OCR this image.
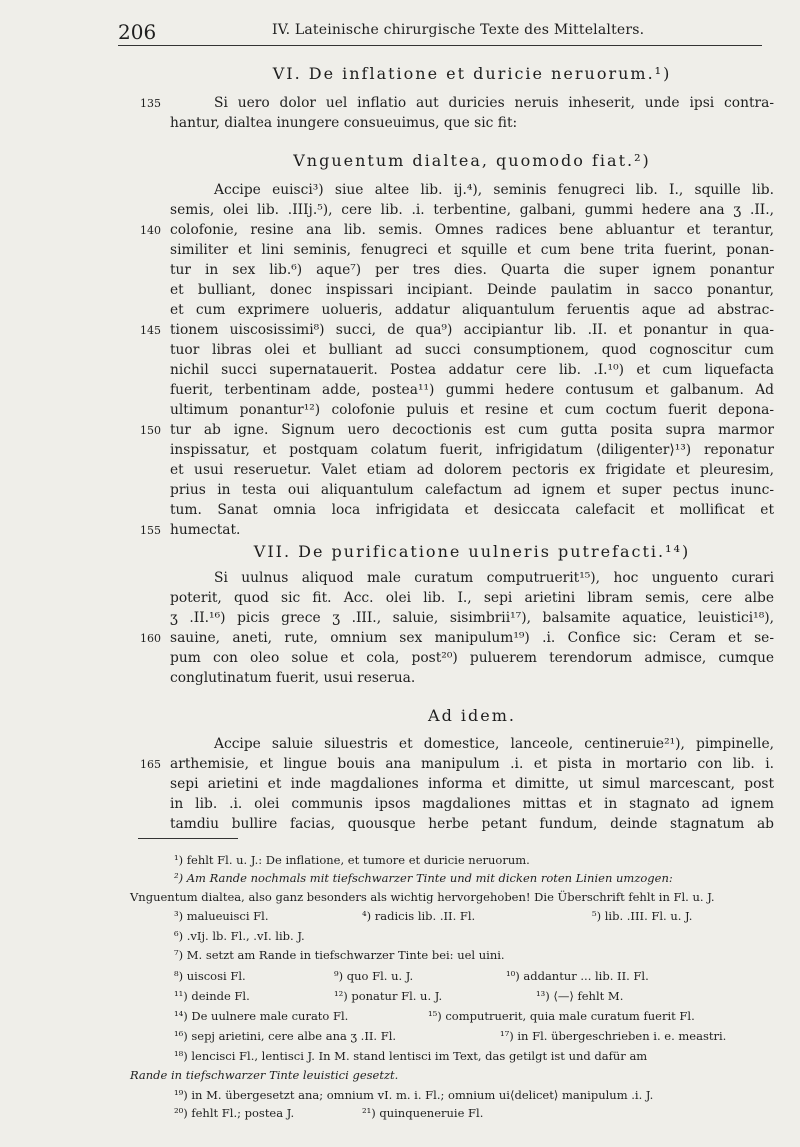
206	IV. Lateinische chirurgische Texte des Mittelalters.

VI. De inflatione et duricie neruorum.¹)

135	Si uero dolor uel inflatio aut duricies neruis inheserit, unde ipsi contra-
hantur, dialtea inungere consueuimus, que sic fit:

Vnguentum dialtea, quomodo fiat.²)

Accipe euisci³) siue altee lib. ij.⁴), seminis fenugreci lib. I., squille lib.
semis, olei lib. .IIIj.⁵), cere lib. .i. terbentine, galbani, gummi hedere ana ʒ .II.,
140 colofonie, resine ana lib. semis. Omnes radices bene abluantur et terantur,
similiter et lini seminis, fenugreci et squille et cum bene trita fuerint, ponan-
tur in sex lib.⁶) aque⁷) per tres dies. Quarta die super ignem ponantur
et bulliant, donec inspissari incipiant. Deinde paulatim in sacco ponantur,
et cum exprimere uolueris, addatur aliquantulum feruentis aque ad abstrac-
145 tionem uiscosissimi⁸) succi, de qua⁹) accipiantur lib. .II. et ponantur in qua-
tuor libras olei et bulliant ad succi consumptionem, quod cognoscitur cum
nichil succi supernatauerit. Postea addatur cere lib. .I.¹⁰) et cum liquefacta
fuerit, terbentinam adde, postea¹¹) gummi hedere contusum et galbanum. Ad
ultimum ponantur¹²) colofonie puluis et resine et cum coctum fuerit depona-
150 tur ab igne. Signum uero decoctionis est cum gutta posita supra marmor
inspissatur, et postquam colatum fuerit, infrigidatum ⟨diligenter⟩¹³) reponatur
et usui reseruetur. Valet etiam ad dolorem pectoris ex frigidate et pleuresim,
prius in testa oui aliquantulum calefactum ad ignem et super pectus inunc-
tum. Sanat omnia loca infrigidata et desiccata calefacit et mollificat et
155 humectat.

VII. De purificatione uulneris putrefacti.¹⁴)

Si uulnus aliquod male curatum computruerit¹⁵), hoc unguento curari
poterit, quod sic fit. Acc. olei lib. I., sepi arietini libram semis, cere albe
ʒ .II.¹⁶) picis grece ʒ .III., saluie, sisimbrii¹⁷), balsamite aquatice, leuistici¹⁸),
160 sauine, aneti, rute, omnium sex manipulum¹⁹) .i. Confice sic: Ceram et se-
pum con oleo solue et cola, post²⁰) puluerem terendorum admisce, cumque
conglutinatum fuerit, usui reserua.

Ad idem.

Accipe saluie siluestris et domestice, lanceole, centineruie²¹), pimpinelle,
165 arthemisie, et lingue bouis ana manipulum .i. et pista in mortario con lib. i.
sepi arietini et inde magdaliones informa et dimitte, ut simul marcescant, post
in lib. .i. olei communis ipsos magdaliones mittas et in stagnato ad ignem
tamdiu bullire facias, quousque herbe petant fundum, deinde stagnatum ab
¹) fehlt Fl. u. J.: De inflatione, et tumore et duricie neruorum.
²) Am Rande nochmals mit tiefschwarzer Tinte und mit dicken roten Linien umzogen:
Vnguentum dialtea, also ganz besonders als wichtig hervorgehoben! Die Überschrift fehlt in Fl. u. J.
³) malueuisci Fl.	⁴) radicis lib. .II. Fl.	⁵) lib. .III. Fl. u. J.
⁶) .vIj. lb. Fl., .vI. lib. J.
⁷) M. setzt am Rande in tiefschwarzer Tinte bei: uel uini.
⁸) uiscosi Fl.	⁹) quo Fl. u. J.	¹⁰) addantur ... lib. II. Fl.
¹¹) deinde Fl.	¹²) ponatur Fl. u. J.	¹³) ⟨—⟩ fehlt M.
¹⁴) De uulnere male curato Fl.	¹⁵) computruerit, quia male curatum fuerit Fl.
¹⁶) sepj arietini, cere albe ana ʒ .II. Fl.	¹⁷) in Fl. übergeschrieben i. e. meastri.
¹⁸) lencisci Fl., lentisci J. In M. stand lentisci im Text, das getilgt ist und dafür am
Rande in tiefschwarzer Tinte leuistici gesetzt.
¹⁹) in M. übergesetzt ana; omnium vI. m. i. Fl.; omnium ui⟨delicet⟩ manipulum .i. J.
²⁰) fehlt Fl.; postea J.	²¹) quinqueneruie Fl.
